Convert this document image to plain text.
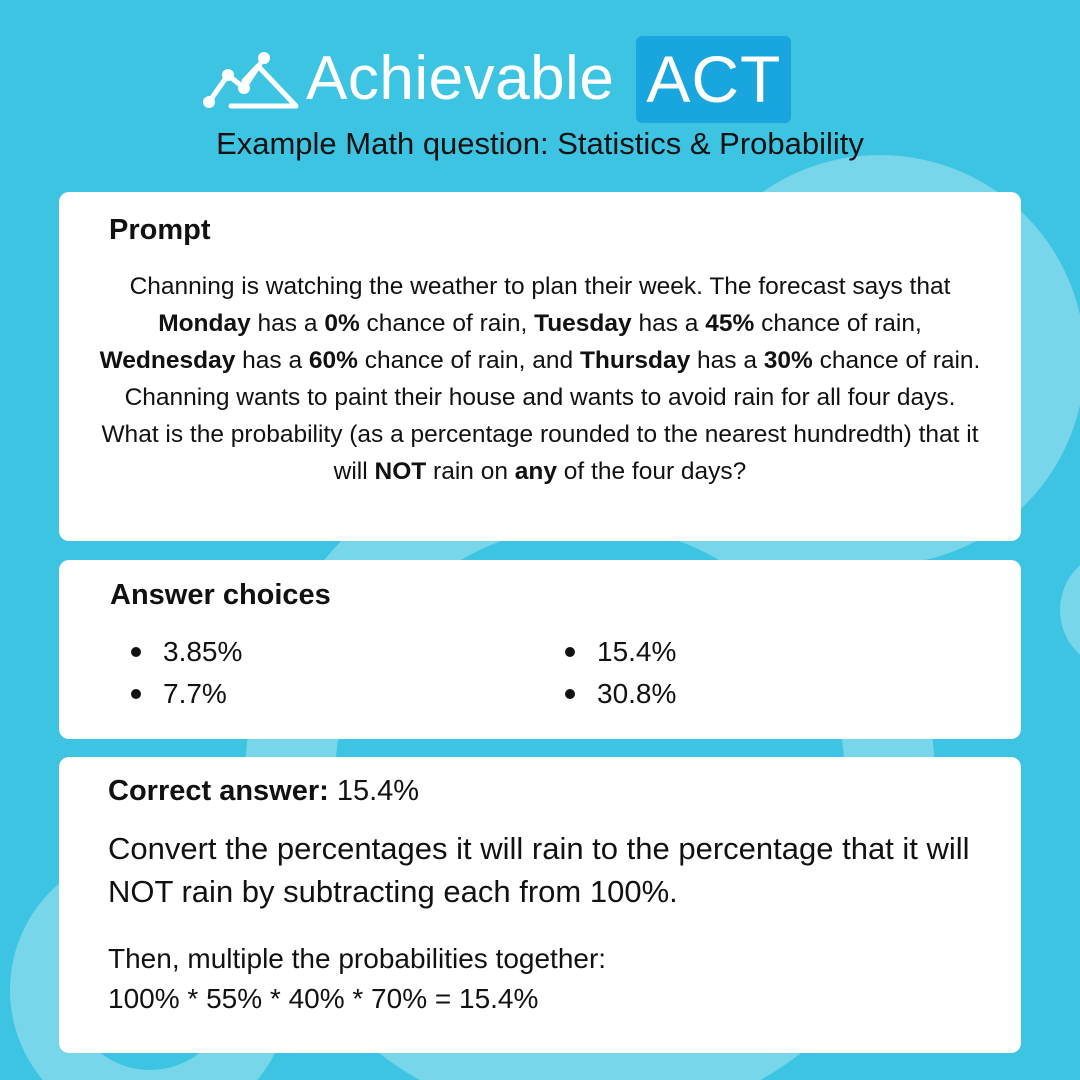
Achievable ACT
Example Math question: Statistics & Probability
Prompt

Channing is watching the weather to plan their week. The forecast says that Monday has a 0% chance of rain, Tuesday has a 45% chance of rain, Wednesday has a 60% chance of rain, and Thursday has a 30% chance of rain. Channing wants to paint their house and wants to avoid rain for all four days. What is the probability (as a percentage rounded to the nearest hundredth) that it will NOT rain on any of the four days?

Answer choices
3.85%	15.4%
7.7%	30.8%
Correct answer: 15.4%

Convert the percentages it will rain to the percentage that it will NOT rain by subtracting each from 100%.

Then, multiple the probabilities together:
100% * 55% * 40% * 70% = 15.4%
